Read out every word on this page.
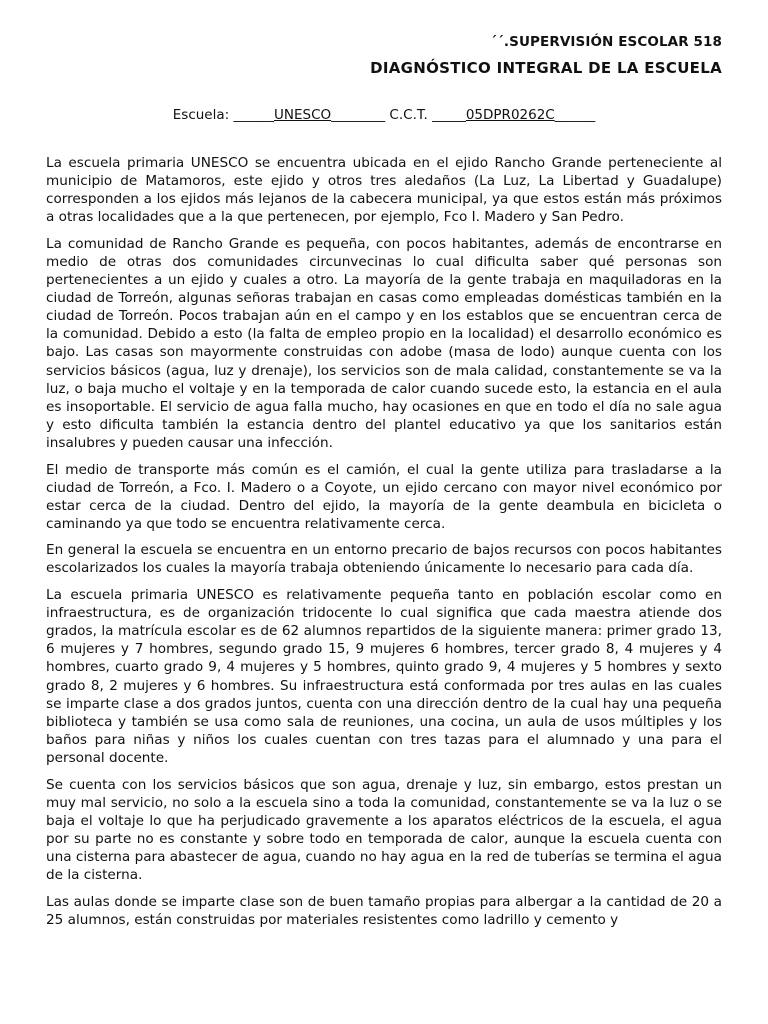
´´.SUPERVISIÓN ESCOLAR 518
DIAGNÓSTICO INTEGRAL DE LA ESCUELA
Escuela: ______UNESCO________ C.C.T. _____05DPR0262C______

La escuela primaria UNESCO se encuentra ubicada en el ejido Rancho Grande perteneciente al municipio de Matamoros, este ejido y otros tres aledaños (La Luz, La Libertad y Guadalupe) corresponden a los ejidos más lejanos de la cabecera municipal, ya que estos están más próximos a otras localidades que a la que pertenecen, por ejemplo, Fco I. Madero y San Pedro.

La comunidad de Rancho Grande es pequeña, con pocos habitantes, además de encontrarse en medio de otras dos comunidades circunvecinas lo cual dificulta saber qué personas son pertenecientes a un ejido y cuales a otro. La mayoría de la gente trabaja en maquiladoras en la ciudad de Torreón, algunas señoras trabajan en casas como empleadas domésticas también en la ciudad de Torreón. Pocos trabajan aún en el campo y en los establos que se encuentran cerca de la comunidad. Debido a esto (la falta de empleo propio en la localidad) el desarrollo económico es bajo. Las casas son mayormente construidas con adobe (masa de lodo) aunque cuenta con los servicios básicos (agua, luz y drenaje), los servicios son de mala calidad, constantemente se va la luz, o baja mucho el voltaje y en la temporada de calor cuando sucede esto, la estancia en el aula es insoportable. El servicio de agua falla mucho, hay ocasiones en que en todo el día no sale agua y esto dificulta también la estancia dentro del plantel educativo ya que los sanitarios están insalubres y pueden causar una infección.

El medio de transporte más común es el camión, el cual la gente utiliza para trasladarse a la ciudad de Torreón, a Fco. I. Madero o a Coyote, un ejido cercano con mayor nivel económico por estar cerca de la ciudad. Dentro del ejido, la mayoría de la gente deambula en bicicleta o caminando ya que todo se encuentra relativamente cerca.

En general la escuela se encuentra en un entorno precario de bajos recursos con pocos habitantes escolarizados los cuales la mayoría trabaja obteniendo únicamente lo necesario para cada día.

La escuela primaria UNESCO es relativamente pequeña tanto en población escolar como en infraestructura, es de organización tridocente lo cual significa que cada maestra atiende dos grados, la matrícula escolar es de 62 alumnos repartidos de la siguiente manera: primer grado 13, 6 mujeres y 7 hombres, segundo grado 15, 9 mujeres 6 hombres, tercer grado 8, 4 mujeres y 4 hombres, cuarto grado 9, 4 mujeres y 5 hombres, quinto grado 9, 4 mujeres y 5 hombres y sexto grado 8, 2 mujeres y 6 hombres. Su infraestructura está conformada por tres aulas en las cuales se imparte clase a dos grados juntos, cuenta con una dirección dentro de la cual hay una pequeña biblioteca y también se usa como sala de reuniones, una cocina, un aula de usos múltiples y los baños para niñas y niños los cuales cuentan con tres tazas para el alumnado y una para el personal docente.

Se cuenta con los servicios básicos que son agua, drenaje y luz, sin embargo, estos prestan un muy mal servicio, no solo a la escuela sino a toda la comunidad, constantemente se va la luz o se baja el voltaje lo que ha perjudicado gravemente a los aparatos eléctricos de la escuela, el agua por su parte no es constante y sobre todo en temporada de calor, aunque la escuela cuenta con una cisterna para abastecer de agua, cuando no hay agua en la red de tuberías se termina el agua de la cisterna.

Las aulas donde se imparte clase son de buen tamaño propias para albergar a la cantidad de 20 a 25 alumnos, están construidas por materiales resistentes como ladrillo y cemento y
